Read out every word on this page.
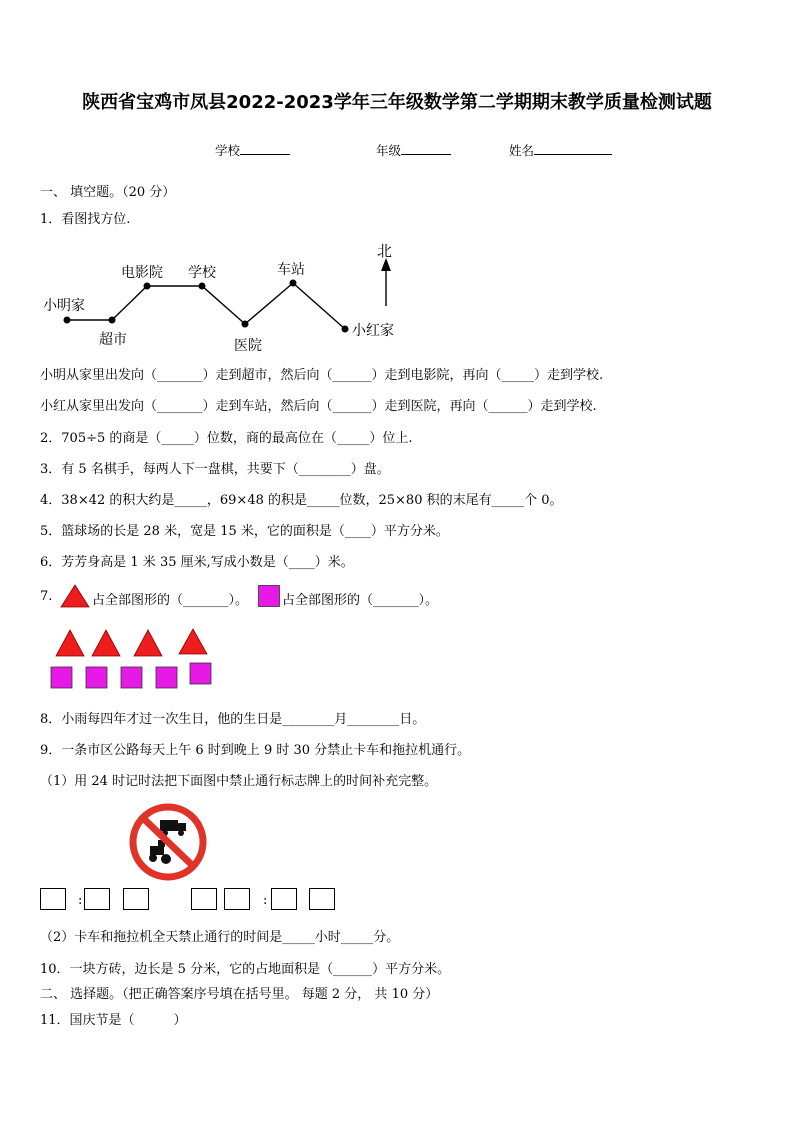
陕西省宝鸡市凤县2022-2023学年三年级数学第二学期期末教学质量检测试题
学校	年级	姓名
一、 填空题。（20 分）
1．看图找方位.
小明家
超市
电影院 学校
医院
车站
小红家
北
小明从家里出发向（_______）走到超市，然后向（______）走到电影院，再向（_____）走到学校.
小红从家里出发向（_______）走到车站，然后向（______）走到医院，再向（______）走到学校.
2．705÷5 的商是（_____）位数，商的最高位在（_____）位上.
3．有 5 名棋手，每两人下一盘棋，共要下（________）盘。
4．38×42 的积大约是_____，69×48 的积是_____位数，25×80 积的末尾有_____个 0。
5．篮球场的长是 28 米，宽是 15 米，它的面积是（____）平方分米。
6．芳芳身高是 1 米 35 厘米,写成小数是（____）米。
7.	占全部图形的（_______）。	占全部图形的（_______）。
8．小雨每四年才过一次生日，他的生日是________月________日。
9．一条市区公路每天上午 6 时到晚上 9 时 30 分禁止卡车和拖拉机通行。
（1）用 24 时记时法把下面图中禁止通行标志牌上的时间补充完整。
:	:
（2）卡车和拖拉机全天禁止通行的时间是_____小时_____分。
10．一块方砖，边长是 5 分米，它的占地面积是（______）平方分米。
二、 选择题。（把正确答案序号填在括号里。 每题 2 分， 共 10 分）
11．国庆节是（　　　）
